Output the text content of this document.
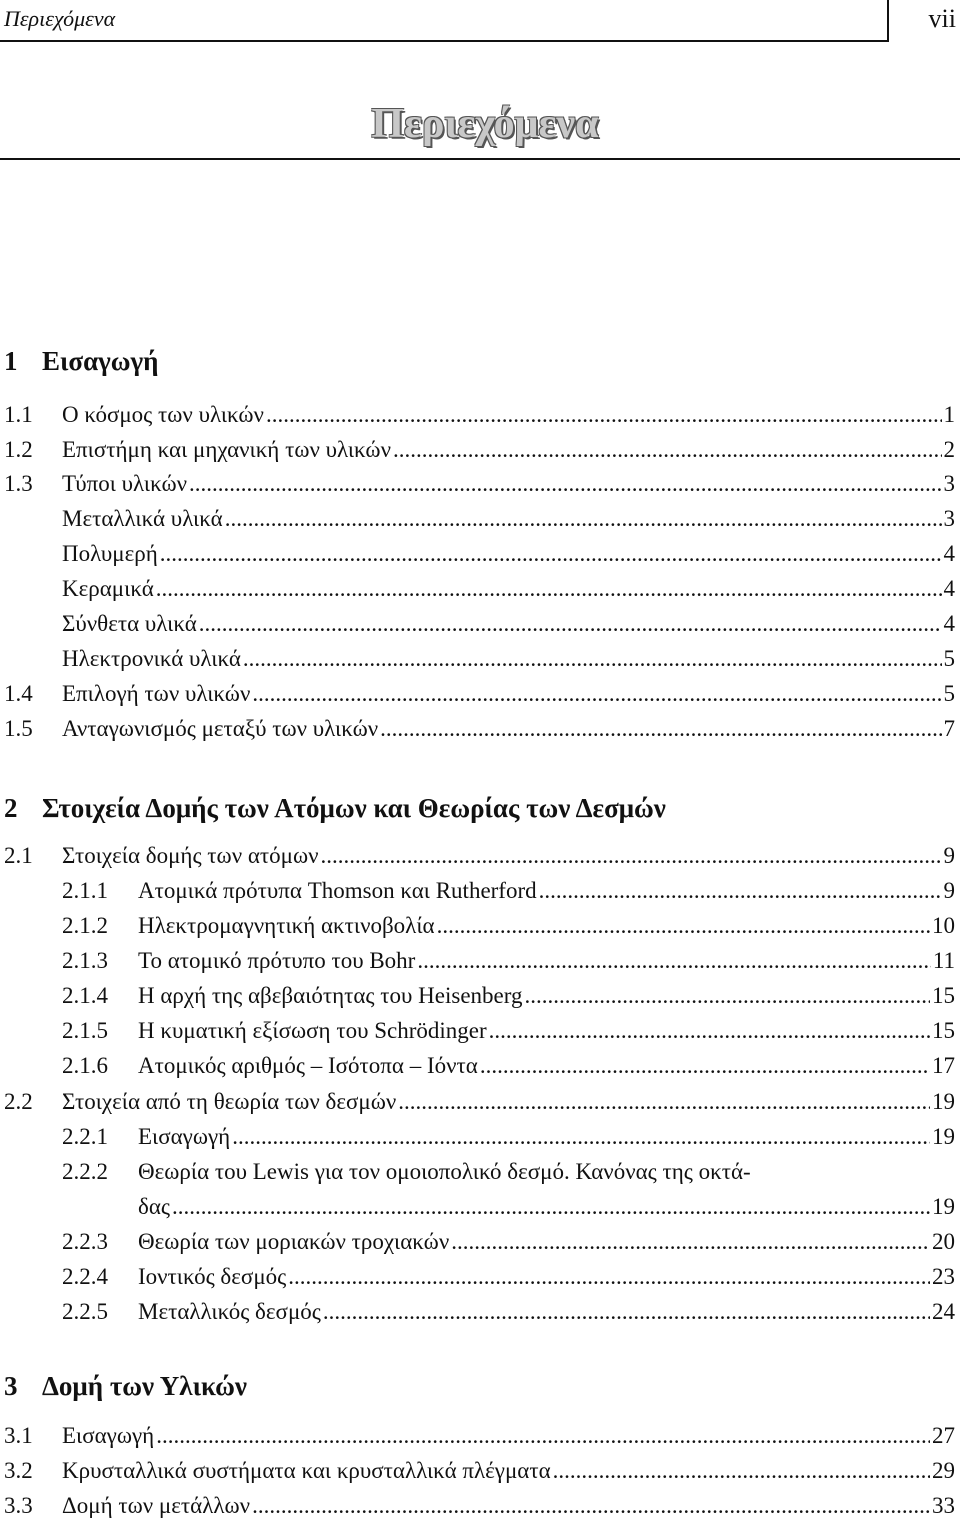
Περιεχόμενα	vii
Περιεχόμενα
1 Εισαγωγή
1.1	Ο κόσμος των υλικών .....	1
1.2	Επιστήμη και μηχανική των υλικών .....	2
1.3	Τύποι υλικών .....	3
Μεταλλικά υλικά .....	3
Πολυμερή .....	4
Κεραμικά .....	4
Σύνθετα υλικά .....	4
Ηλεκτρονικά υλικά .....	5
1.4	Επιλογή των υλικών .....	5
1.5	Ανταγωνισμός μεταξύ των υλικών .....	7
2 Στοιχεία Δομής των Ατόμων και Θεωρίας των Δεσμών
2.1	Στοιχεία δομής των ατόμων .....	9
2.1.1	Ατομικά πρότυπα Thomson και Rutherford .....	9
2.1.2	Ηλεκτρομαγνητική ακτινοβολία .....	10
2.1.3	Το ατομικό πρότυπο του Bohr .....	11
2.1.4	Η αρχή της αβεβαιότητας του Heisenberg .....	15
2.1.5	Η κυματική εξίσωση του Schrödinger .....	15
2.1.6	Ατομικός αριθμός – Ισότοπα – Ιόντα .....	17
2.2	Στοιχεία από τη θεωρία των δεσμών .....	19
2.2.1	Εισαγωγή .....	19
2.2.2 Θεωρία του Lewis για τον ομοιοπολικό δεσμό. Κανόνας της οκτά-
δας .....	19
2.2.3	Θεωρία των μοριακών τροχιακών .....	20
2.2.4	Ιοντικός δεσμός .....	23
2.2.5	Μεταλλικός δεσμός .....	24
3 Δομή των Υλικών
3.1	Εισαγωγή .....	27
3.2	Κρυσταλλικά συστήματα και κρυσταλλικά πλέγματα .....	29
3.3	Δομή των μετάλλων .....	33
